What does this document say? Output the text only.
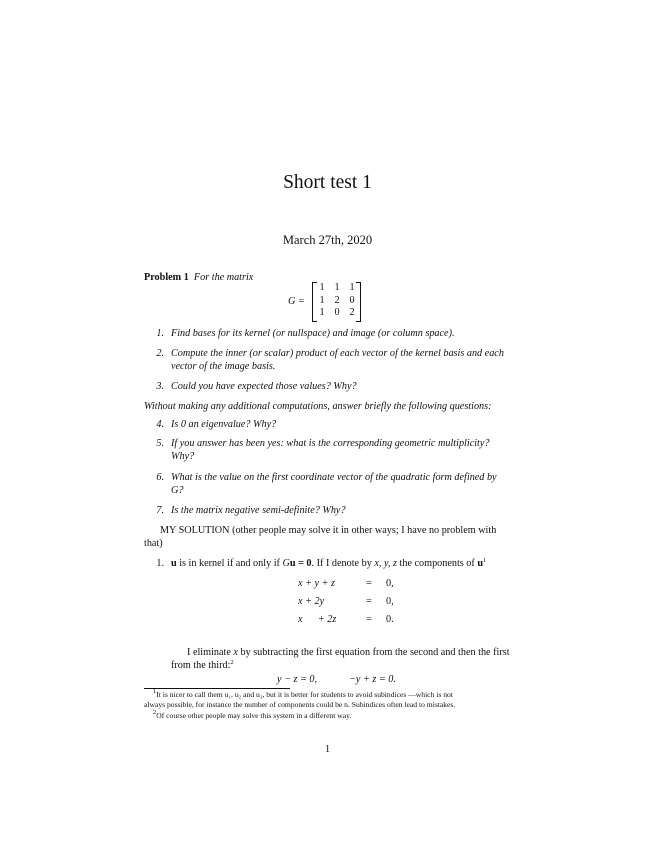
Short test 1
March 27th, 2020
Problem 1 For the matrix
G =
1 1 1
1 2 0
1 0 2
1. Find bases for its kernel (or nullspace) and image (or column space).
2. Compute the inner (or scalar) product of each vector of the kernel basis and each
vector of the image basis.
3. Could you have expected those values? Why?
Without making any additional computations, answer briefly the following questions:
4. Is 0 an eigenvalue? Why?
5. If you answer has been yes: what is the corresponding geometric multiplicity?
Why?
6. What is the value on the first coordinate vector of the quadratic form defined by
G?
7. Is the matrix negative semi-definite? Why?
MY SOLUTION (other people may solve it in other ways; I have no problem with
that)
1. u is in kernel if and only if Gu = 0. If I denote by x, y, z the components of $u^1$
x + y + z	= 0,
x + 2y	= 0,
x      + 2z	= 0.
I eliminate x by subtracting the first equation from the second and then the first
from the third:$^2$
y − z = 0,	−y + z = 0.
$^1$It is nicer to call them u₁, u₂ and u₃, but it is better for students to avoid subindices —which is not
always possible, for instance the number of components could be n. Subindices often lead to mistakes.
$^2$Of course other people may solve this system in a different way.
1
